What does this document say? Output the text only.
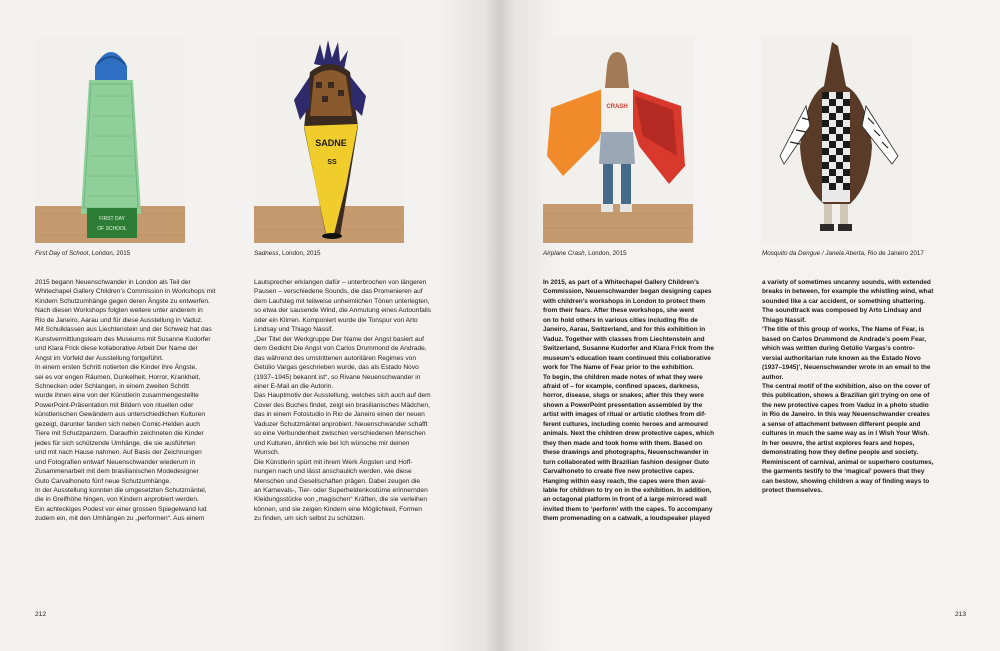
FIRST DAY
OF SCHOOL
SADNE
SS
First Day of School, London, 2015	Sadness, London, 2015

2015 begann Neuenschwander in London als Teil der

Whitechapel Gallery Children’s Commission in Workshops mit

Kindern Schutzumhänge gegen deren Ängste zu entwerfen.

Nach diesen Workshops folgten weitere unter anderem in

Rio de Janeiro, Aarau und für diese Ausstellung in Vaduz.

Mit Schulklassen aus Liechtenstein und der Schweiz hat das

Kunstvermittlungsteam des Museums mit Susanne Kudorfer

und Klara Frick diese kollaborative Arbeit Der Name der

Angst im Vorfeld der Ausstellung fortgeführt.

In einem ersten Schritt notierten die Kinder ihre Ängste,

sei es vor engen Räumen, Dunkelheit, Horror, Krankheit,

Schnecken oder Schlangen, in einem zweiten Schritt

wurde ihnen eine von der Künstlerin zusammengestellte

PowerPoint-Präsentation mit Bildern von rituellen oder

künstlerischen Gewändern aus unterschiedlichen Kulturen

gezeigt, darunter fanden sich neben Comic-Helden auch

Tiere mit Schutzpanzern. Daraufhin zeichneten die Kinder

jedes für sich schützende Umhänge, die sie ausführten

und mit nach Hause nahmen. Auf Basis der Zeichnungen

und Fotografien entwarf Neuenschwander wiederum in

Zusammenarbeit mit dem brasilianischen Modedesigner

Guto Carvalhoneto fünf neue Schutzumhänge.

In der Ausstellung konnten die umgesetzten Schutzmäntel,

die in Greifhöhe hingen, von Kindern anprobiert werden.

Ein achteckiges Podest vor einer grossen Spiegelwand lud

zudem ein, mit den Umhängen zu „performen“. Aus einem

Lautsprecher erklangen dafür – unterbrochen von längeren

Pausen – verschiedene Sounds, die das Promenieren auf

dem Laufsteg mit teilweise unheimlichen Tönen unterlegten,

so etwa der sausende Wind, die Anmutung eines Autounfalls

oder ein Klirren. Komponiert wurde die Tonspur von Arto

Lindsay und Thiago Nassif.

„Der Titel der Werkgruppe Der Name der Angst basiert auf

dem Gedicht Die Angst von Carlos Drummond de Andrade,

das während des umstrittenen autoritären Regimes von

Getúlio Vargas geschrieben wurde, das als Estado Novo

(1937–1945) bekannt ist“, so Rivane Neuenschwander in

einer E-Mail an die Autorin.

Das Hauptmotiv der Ausstellung, welches sich auch auf dem

Cover des Buches findet, zeigt ein brasilianisches Mädchen,

das in einem Fotostudio in Rio de Janeiro einen der neuen

Vaduzer Schutzmäntel anprobiert. Neuenschwander schafft

so eine Verbundenheit zwischen verschiedenen Menschen

und Kulturen, ähnlich wie bei Ich wünsche mir deinen

Wunsch.

Die Künstlerin spürt mit ihrem Werk Ängsten und Hoff-

nungen nach und lässt anschaulich werden, wie diese

Menschen und Gesellschaften prägen. Dabei zeugen die

an Karnevals-, Tier- oder Superheldenkostüme erinnernden

Kleidungsstücke von „magischen“ Kräften, die sie verleihen

können, und sie zeigen Kindern eine Möglichkeit, Formen

zu finden, um sich selbst zu schützen.

212
CRASH
Airplane Crash, London, 2015	Mosquito da Dengue / Janela Aberta, Rio de Janeiro 2017

In 2015, as part of a Whitechapel Gallery Children’s

Commission, Neuenschwander began designing capes

with children’s workshops in London to protect them

from their fears. After these workshops, she went

on to hold others in various cities including Rio de

Janeiro, Aarau, Switzerland, and for this exhibition in

Vaduz. Together with classes from Liechtenstein and

Switzerland, Susanne Kudorfer and Klara Frick from the

museum’s education team continued this collaborative

work for The Name of Fear prior to the exhibition.

To begin, the children made notes of what they were

afraid of – for example, confined spaces, darkness,

horror, disease, slugs or snakes; after this they were

shown a PowerPoint presentation assembled by the

artist with images of ritual or artistic clothes from dif-

ferent cultures, including comic heroes and armoured

animals. Next the children drew protective capes, which

they then made and took home with them. Based on

these drawings and photographs, Neuenschwander in

turn collaborated with Brazilian fashion designer Guto

Carvalhoneto to create five new protective capes.

Hanging within easy reach, the capes were then avai-

lable for children to try on in the exhibition. In addition,

an octagonal platform in front of a large mirrored wall

invited them to ‘perform’ with the capes. To accompany

them promenading on a catwalk, a loudspeaker played

a variety of sometimes uncanny sounds, with extended

breaks in between, for example the whistling wind, what

sounded like a car accident, or something shattering.

The soundtrack was composed by Arto Lindsay and

Thiago Nassif.

‘The title of this group of works, The Name of Fear, is

based on Carlos Drummond de Andrade’s poem Fear,

which was written during Getúlio Vargas’s contro-

versial authoritarian rule known as the Estado Novo

(1937–1945)’, Neuenschwander wrote in an email to the

author.

The central motif of the exhibition, also on the cover of

this publication, shows a Brazilian girl trying on one of

the new protective capes from Vaduz in a photo studio

in Rio de Janeiro. In this way Neuenschwander creates

a sense of attachment between different people and

cultures in much the same way as in I Wish Your Wish.

In her oeuvre, the artist explores fears and hopes,

demonstrating how they define people and society.

Reminiscent of carnival, animal or superhero costumes,

the garments testify to the ‘magical’ powers that they

can bestow, showing children a way of finding ways to

protect themselves.

213
